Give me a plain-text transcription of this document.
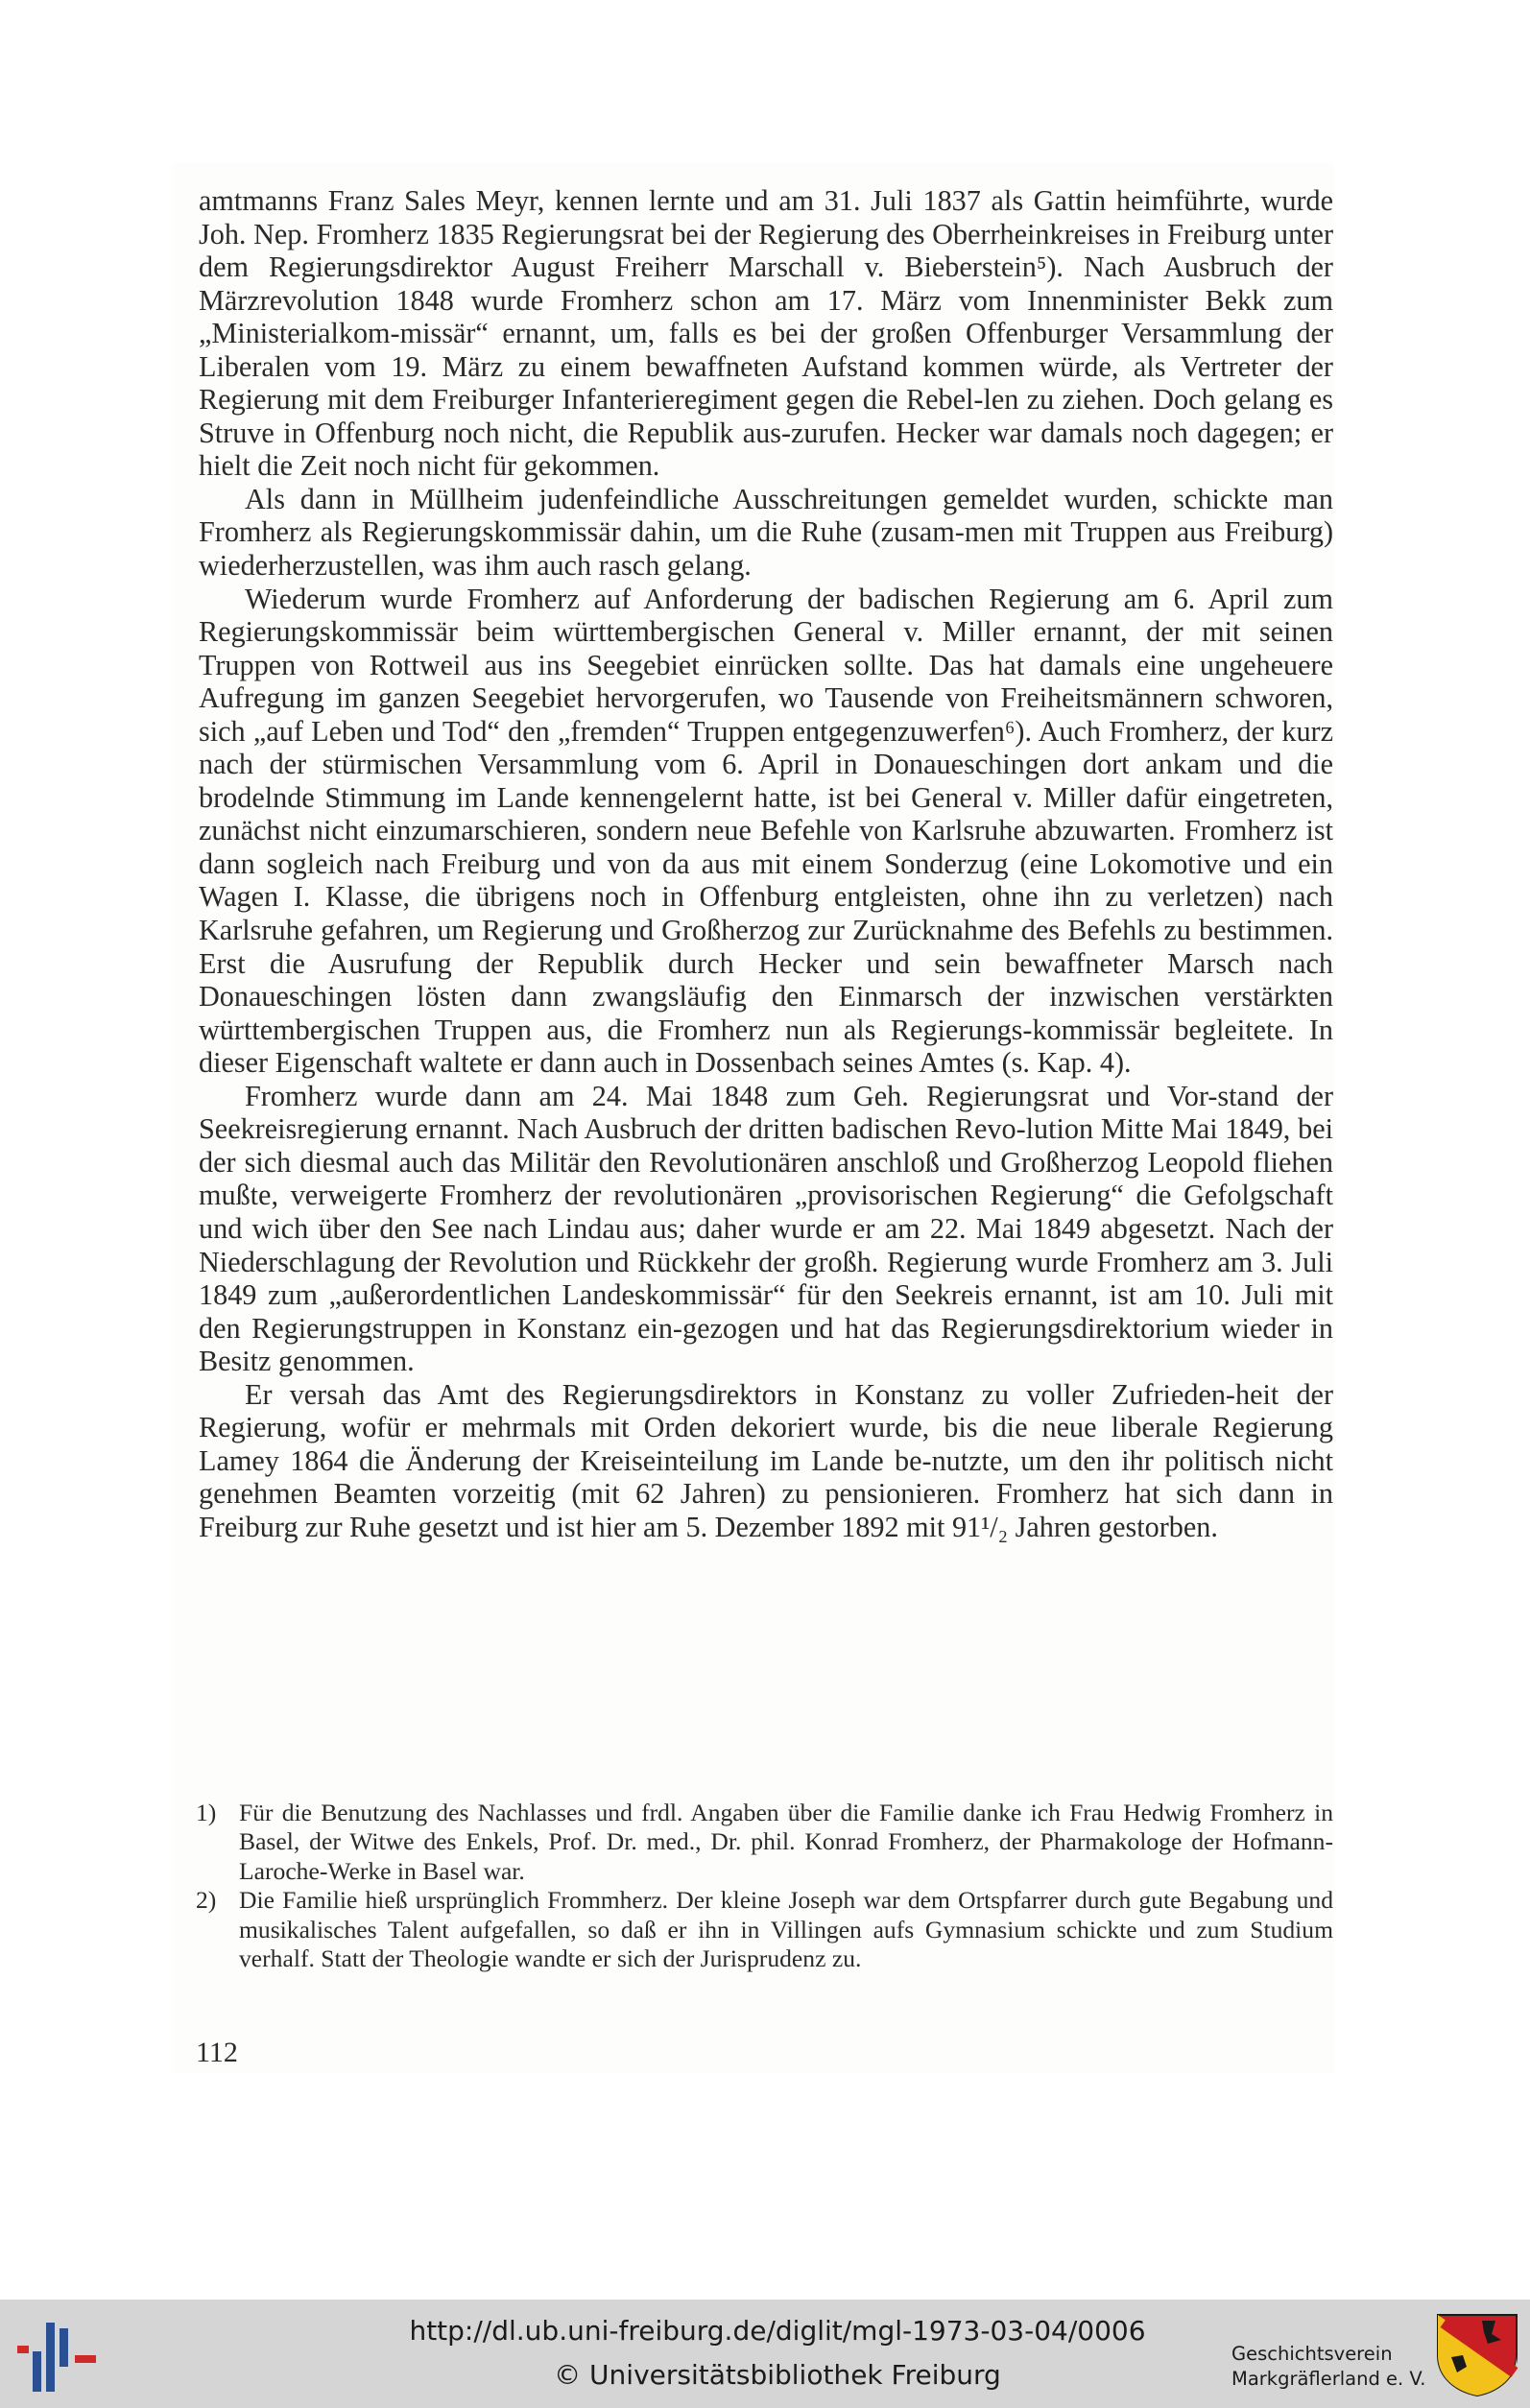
amtmanns Franz Sales Meyr, kennen lernte und am 31. Juli 1837 als Gattin heimführte, wurde Joh. Nep. Fromherz 1835 Regierungsrat bei der Regierung des Oberrheinkreises in Freiburg unter dem Regierungsdirektor August Freiherr Marschall v. Bieberstein⁵). Nach Ausbruch der Märzrevolution 1848 wurde Fromherz schon am 17. März vom Innenminister Bekk zum „Ministerialkom-missär“ ernannt, um, falls es bei der großen Offenburger Versammlung der Liberalen vom 19. März zu einem bewaffneten Aufstand kommen würde, als Vertreter der Regierung mit dem Freiburger Infanterieregiment gegen die Rebel-len zu ziehen. Doch gelang es Struve in Offenburg noch nicht, die Republik aus-zurufen. Hecker war damals noch dagegen; er hielt die Zeit noch nicht für gekommen.

Als dann in Müllheim judenfeindliche Ausschreitungen gemeldet wurden, schickte man Fromherz als Regierungskommissär dahin, um die Ruhe (zusam-men mit Truppen aus Freiburg) wiederherzustellen, was ihm auch rasch gelang.

Wiederum wurde Fromherz auf Anforderung der badischen Regierung am 6. April zum Regierungskommissär beim württembergischen General v. Miller ernannt, der mit seinen Truppen von Rottweil aus ins Seegebiet einrücken sollte. Das hat damals eine ungeheuere Aufregung im ganzen Seegebiet hervorgerufen, wo Tausende von Freiheitsmännern schworen, sich „auf Leben und Tod“ den „fremden“ Truppen entgegenzuwerfen⁶). Auch Fromherz, der kurz nach der stürmischen Versammlung vom 6. April in Donaueschingen dort ankam und die brodelnde Stimmung im Lande kennengelernt hatte, ist bei General v. Miller dafür eingetreten, zunächst nicht einzumarschieren, sondern neue Befehle von Karlsruhe abzuwarten. Fromherz ist dann sogleich nach Freiburg und von da aus mit einem Sonderzug (eine Lokomotive und ein Wagen I. Klasse, die übrigens noch in Offenburg entgleisten, ohne ihn zu verletzen) nach Karlsruhe gefahren, um Regierung und Großherzog zur Zurücknahme des Befehls zu bestimmen. Erst die Ausrufung der Republik durch Hecker und sein bewaffneter Marsch nach Donaueschingen lösten dann zwangsläufig den Einmarsch der inzwischen verstärkten württembergischen Truppen aus, die Fromherz nun als Regierungs-kommissär begleitete. In dieser Eigenschaft waltete er dann auch in Dossenbach seines Amtes (s. Kap. 4).

Fromherz wurde dann am 24. Mai 1848 zum Geh. Regierungsrat und Vor-stand der Seekreisregierung ernannt. Nach Ausbruch der dritten badischen Revo-lution Mitte Mai 1849, bei der sich diesmal auch das Militär den Revolutionären anschloß und Großherzog Leopold fliehen mußte, verweigerte Fromherz der revolutionären „provisorischen Regierung“ die Gefolgschaft und wich über den See nach Lindau aus; daher wurde er am 22. Mai 1849 abgesetzt. Nach der Niederschlagung der Revolution und Rückkehr der großh. Regierung wurde Fromherz am 3. Juli 1849 zum „außerordentlichen Landeskommissär“ für den Seekreis ernannt, ist am 10. Juli mit den Regierungstruppen in Konstanz ein-gezogen und hat das Regierungsdirektorium wieder in Besitz genommen.

Er versah das Amt des Regierungsdirektors in Konstanz zu voller Zufrieden-heit der Regierung, wofür er mehrmals mit Orden dekoriert wurde, bis die neue liberale Regierung Lamey 1864 die Änderung der Kreiseinteilung im Lande be-nutzte, um den ihr politisch nicht genehmen Beamten vorzeitig (mit 62 Jahren) zu pensionieren. Fromherz hat sich dann in Freiburg zur Ruhe gesetzt und ist hier am 5. Dezember 1892 mit 91¹/₂ Jahren gestorben.

1) Für die Benutzung des Nachlasses und frdl. Angaben über die Familie danke ich Frau Hedwig Fromherz in Basel, der Witwe des Enkels, Prof. Dr. med., Dr. phil. Konrad Fromherz, der Pharmakologe der Hofmann-Laroche-Werke in Basel war.

2) Die Familie hieß ursprünglich Frommherz. Der kleine Joseph war dem Ortspfarrer durch gute Begabung und musikalisches Talent aufgefallen, so daß er ihn in Villingen aufs Gymnasium schickte und zum Studium verhalf. Statt der Theologie wandte er sich der Jurisprudenz zu.

112
http://dl.ub.uni-freiburg.de/diglit/mgl-1973-03-04/0006
© Universitätsbibliothek Freiburg
Geschichtsverein
Markgräflerland e. V.
